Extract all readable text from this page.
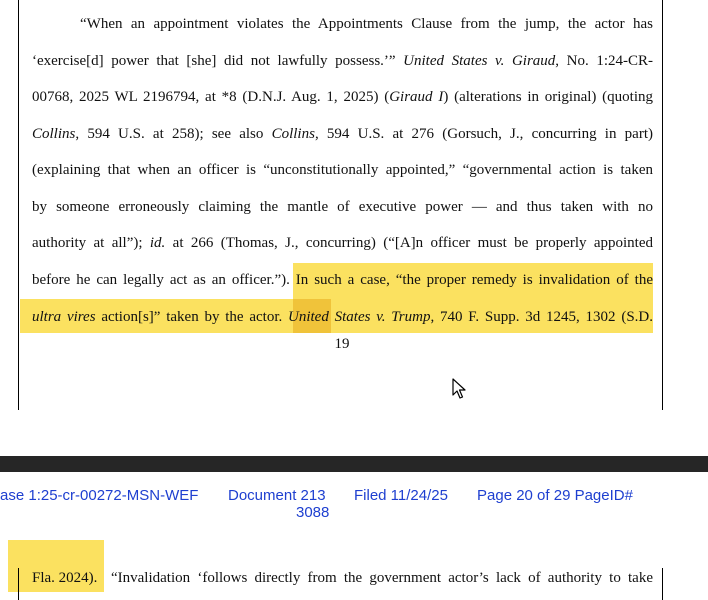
“When an appointment violates the Appointments Clause from the jump, the actor has
‘exercise[d] power that [she] did not lawfully possess.’” United States v. Giraud, No. 1:24-CR-
00768, 2025 WL 2196794, at *8 (D.N.J. Aug. 1, 2025) (Giraud I) (alterations in original) (quoting
Collins, 594 U.S. at 258); see also Collins, 594 U.S. at 276 (Gorsuch, J., concurring in part)
(explaining that when an officer is “unconstitutionally appointed,” “governmental action is taken
by someone erroneously claiming the mantle of executive power — and thus taken with no
authority at all”); id. at 266 (Thomas, J., concurring) (“[A]n officer must be properly appointed
before he can legally act as an officer.”). In such a case, “the proper remedy is invalidation of the
ultra vires action[s]” taken by the actor. United States v. Trump, 740 F. Supp. 3d 1245, 1302 (S.D.
19
ase 1:25-cr-00272-MSN-WEF Document 213 Filed 11/24/25 Page 20 of 29 PageID#
3088
Fla. 2024). “Invalidation ‘follows directly from the government actor’s lack of authority to take
